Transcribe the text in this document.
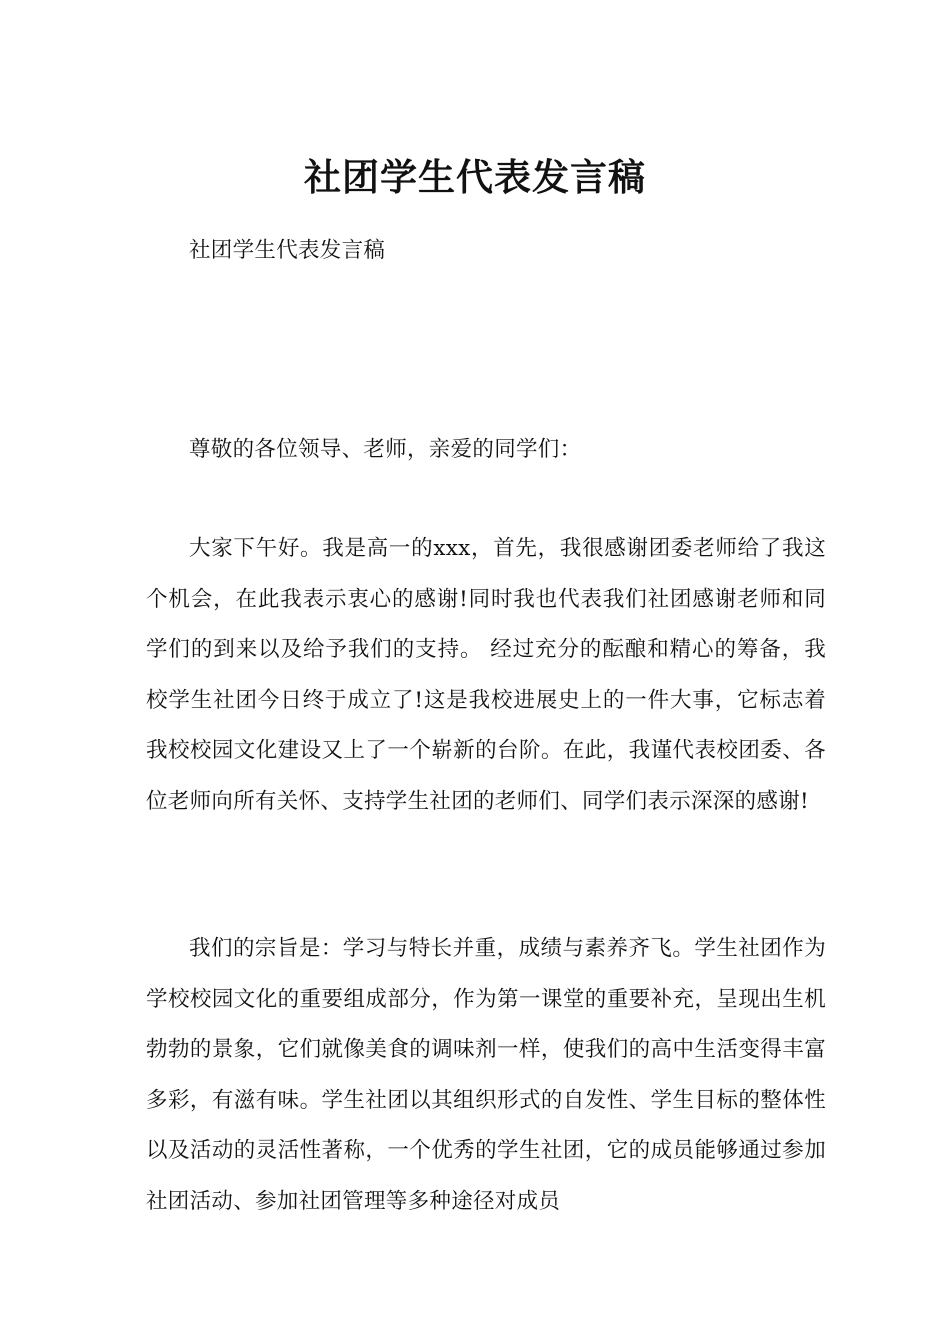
社团学生代表发言稿

社团学生代表发言稿

尊敬的各位领导、老师，亲爱的同学们：

大家下午好。我是高一的xxx，首先，我很感谢团委老师给了我这个机会，在此我表示衷心的感谢!同时我也代表我们社团感谢老师和同学们的到来以及给予我们的支持。 经过充分的酝酿和精心的筹备，我校学生社团今日终于成立了!这是我校进展史上的一件大事，它标志着我校校园文化建设又上了一个崭新的台阶。在此，我谨代表校团委、各位老师向所有关怀、支持学生社团的老师们、同学们表示深深的感谢!

我们的宗旨是：学习与特长并重，成绩与素养齐飞。学生社团作为学校校园文化的重要组成部分，作为第一课堂的重要补充，呈现出生机勃勃的景象，它们就像美食的调味剂一样，使我们的高中生活变得丰富多彩，有滋有味。学生社团以其组织形式的自发性、学生目标的整体性以及活动的灵活性著称，一个优秀的学生社团，它的成员能够通过参加社团活动、参加社团管理等多种途径对成员
